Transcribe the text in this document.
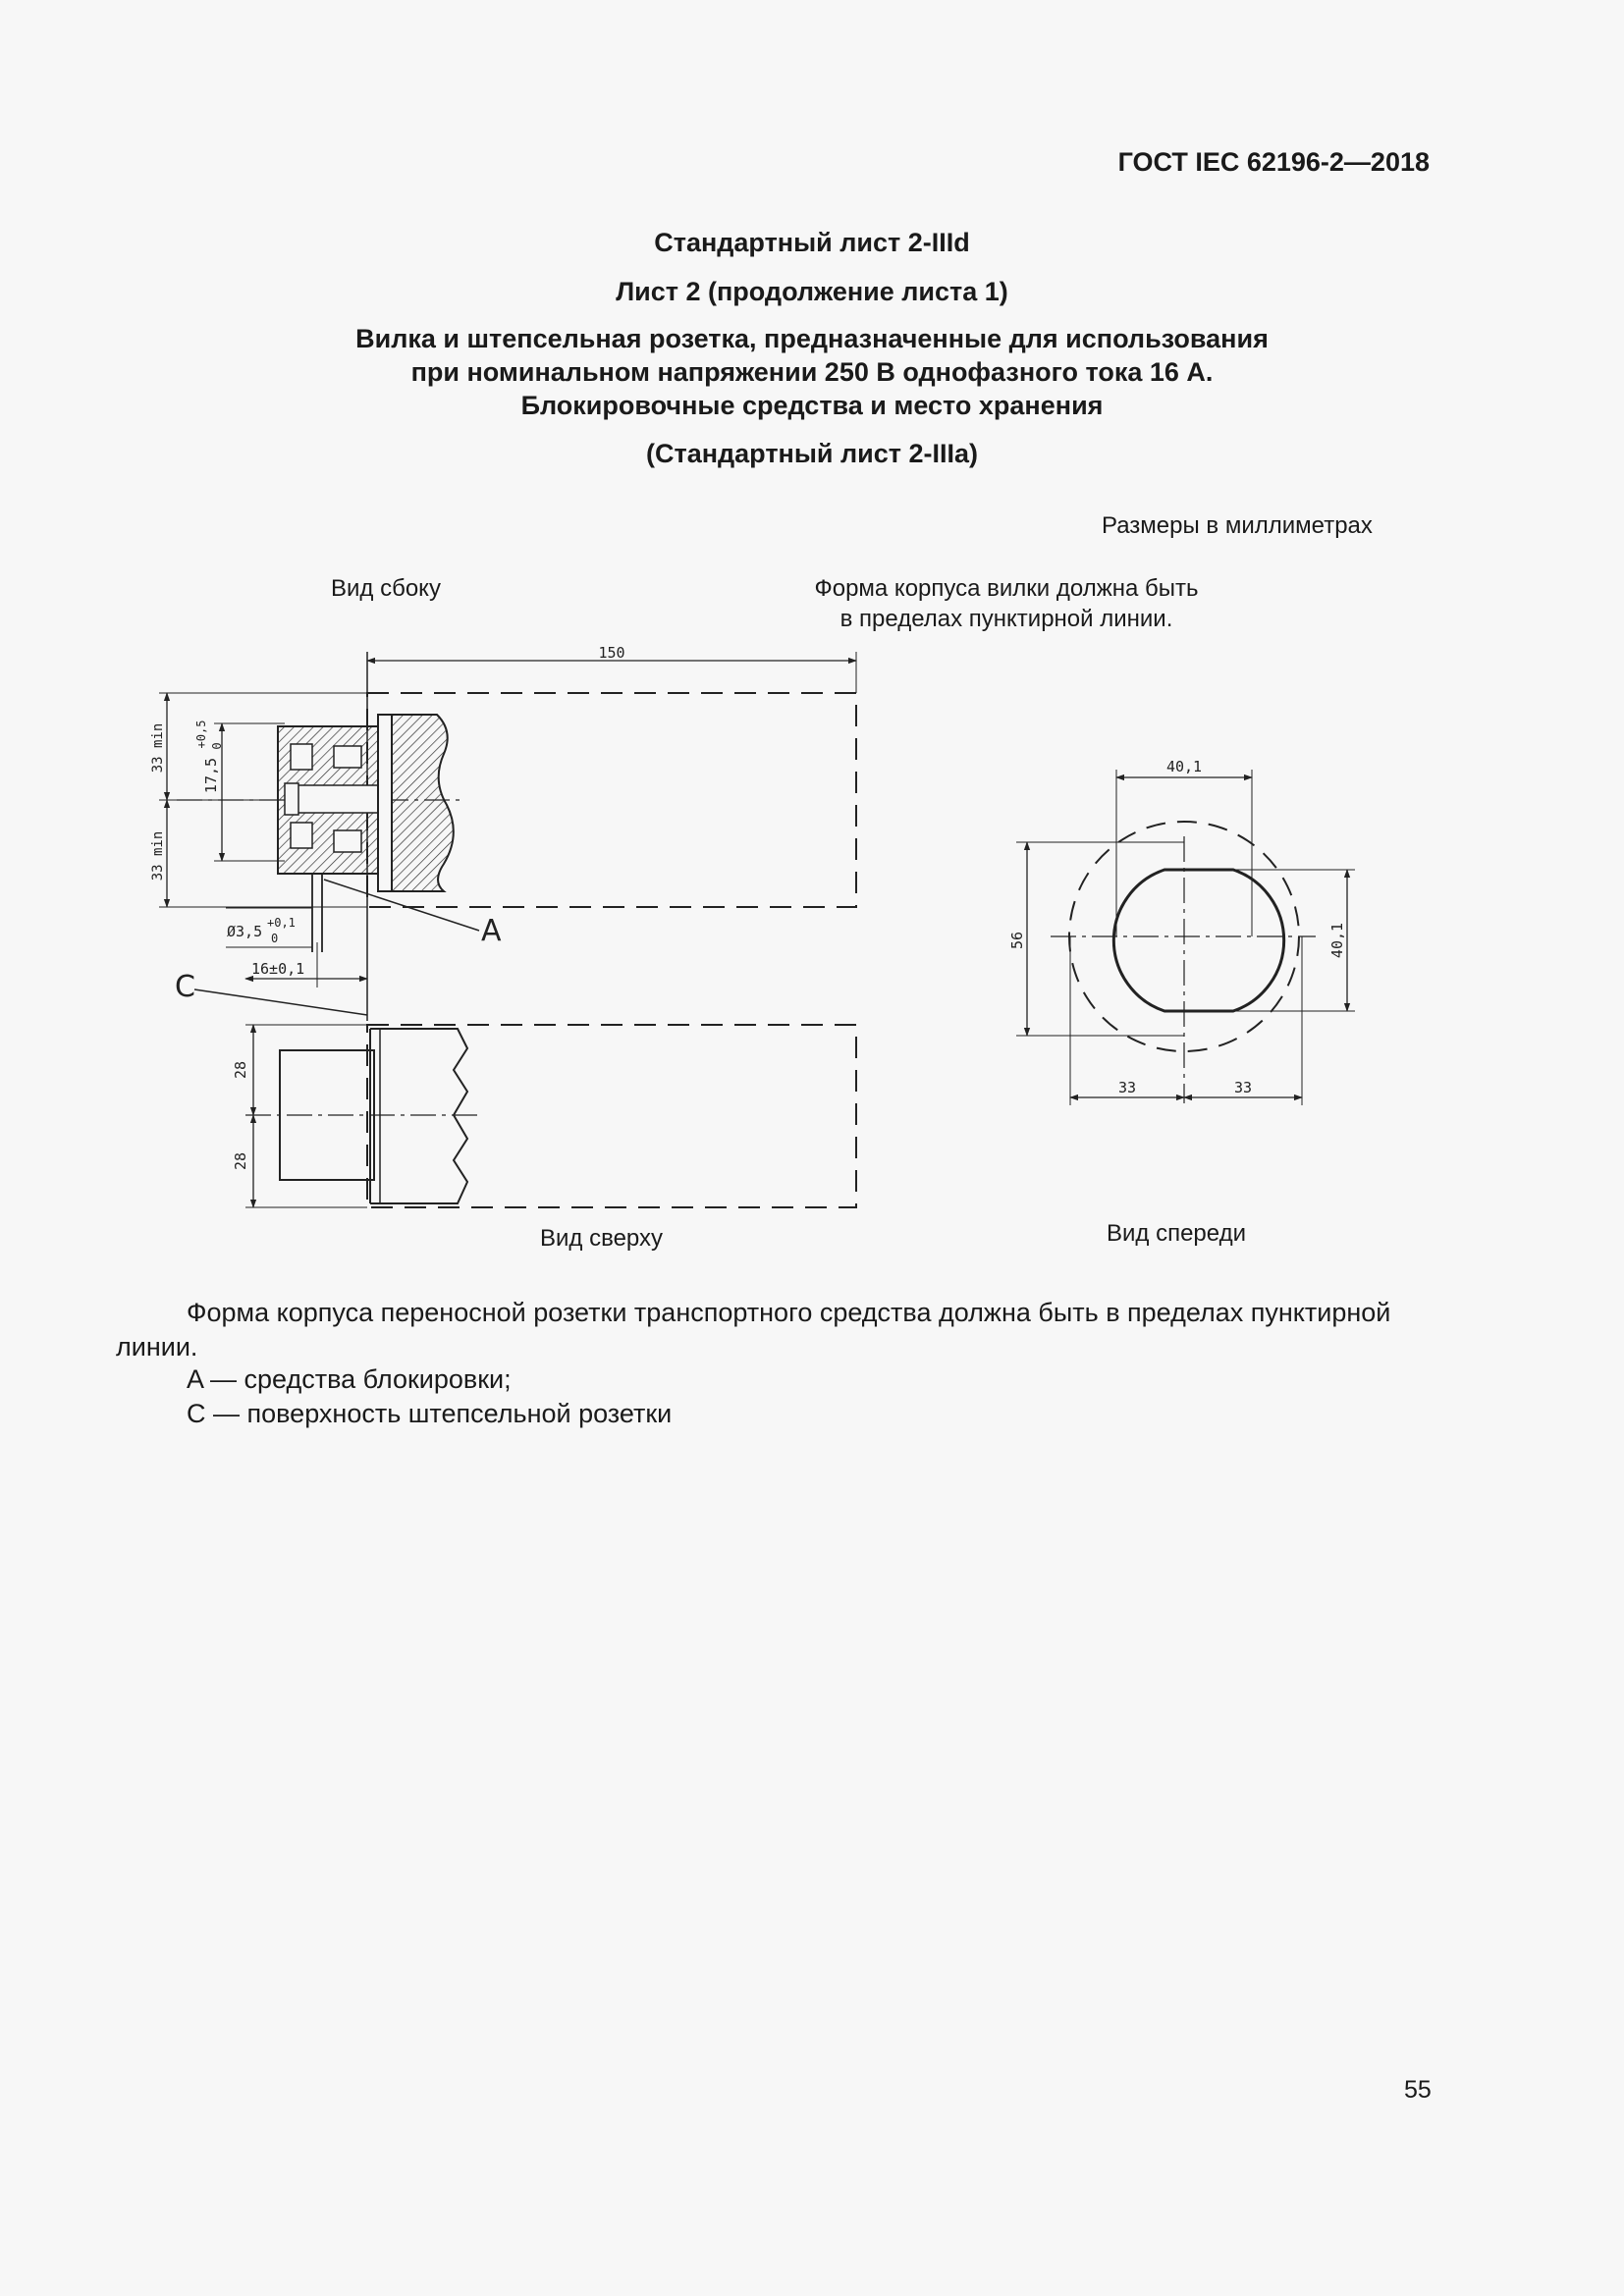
ГОСТ IEC 62196-2—2018
Стандартный лист 2-IIId
Лист 2 (продолжение листа 1)
Вилка и штепсельная розетка, предназначенные для использования
при номинальном напряжении 250 В однофазного тока 16 А.
Блокировочные средства и место хранения
(Стандартный лист 2-IIIa)
Размеры в миллиметрах
Вид сбоку	Форма корпуса вилки должна быть
в пределах пунктирной линии.
Вид сверху	Вид спереди
150
33 min
33 min
17,5
+0,5 0
Ø3,5 +0,1
0
16±0,1
28
28
40,1
40,1
56
33	33
A
C
Форма корпуса переносной розетки транспортного средства должна быть в пределах пунктирной линии.
A — средства блокировки;
C — поверхность штепсельной розетки
55
